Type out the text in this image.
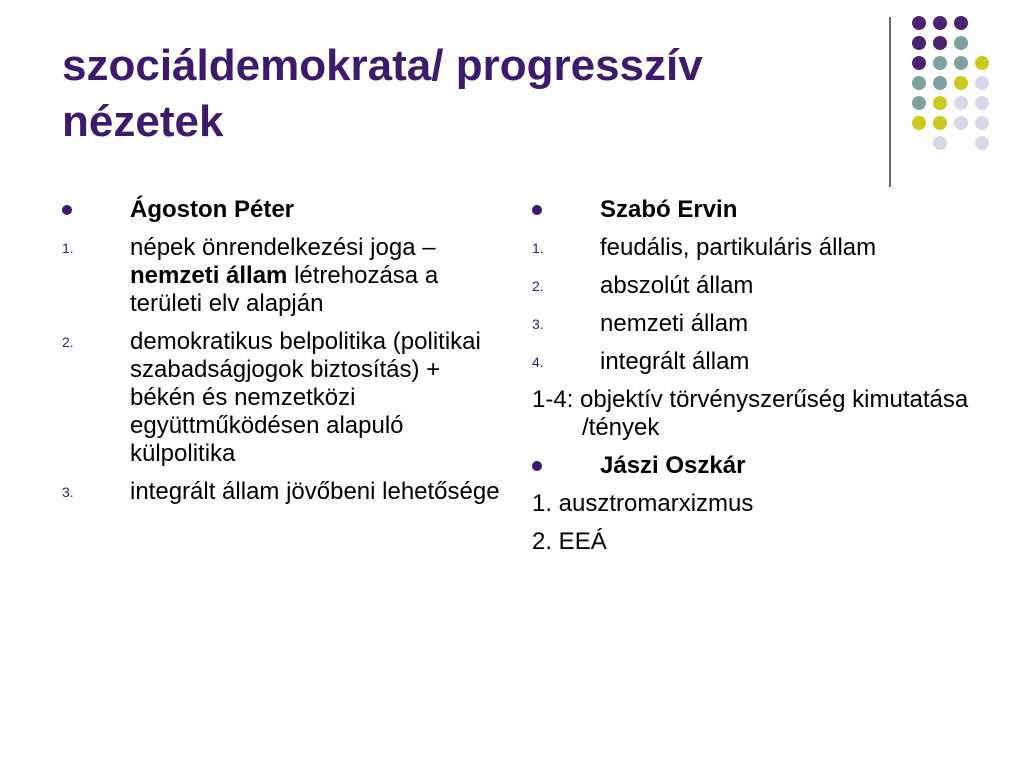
szociáldemokrata/ progresszív
nézetek
Ágoston Péter
1. népek önrendelkezési joga – nemzeti állam létrehozása a területi elv alapján
2. demokratikus belpolitika (politikai szabadságjogok biztosítás) + békén és nemzetközi együttműködésen alapuló külpolitika
3. integrált állam jövőbeni lehetősége
Szabó Ervin
1. feudális, partikuláris állam
2. abszolút állam
3. nemzeti állam
4. integrált állam
1-4: objektív törvényszerűség kimutatása /tények
Jászi Oszkár
1. ausztromarxizmus
2. EEÁ
